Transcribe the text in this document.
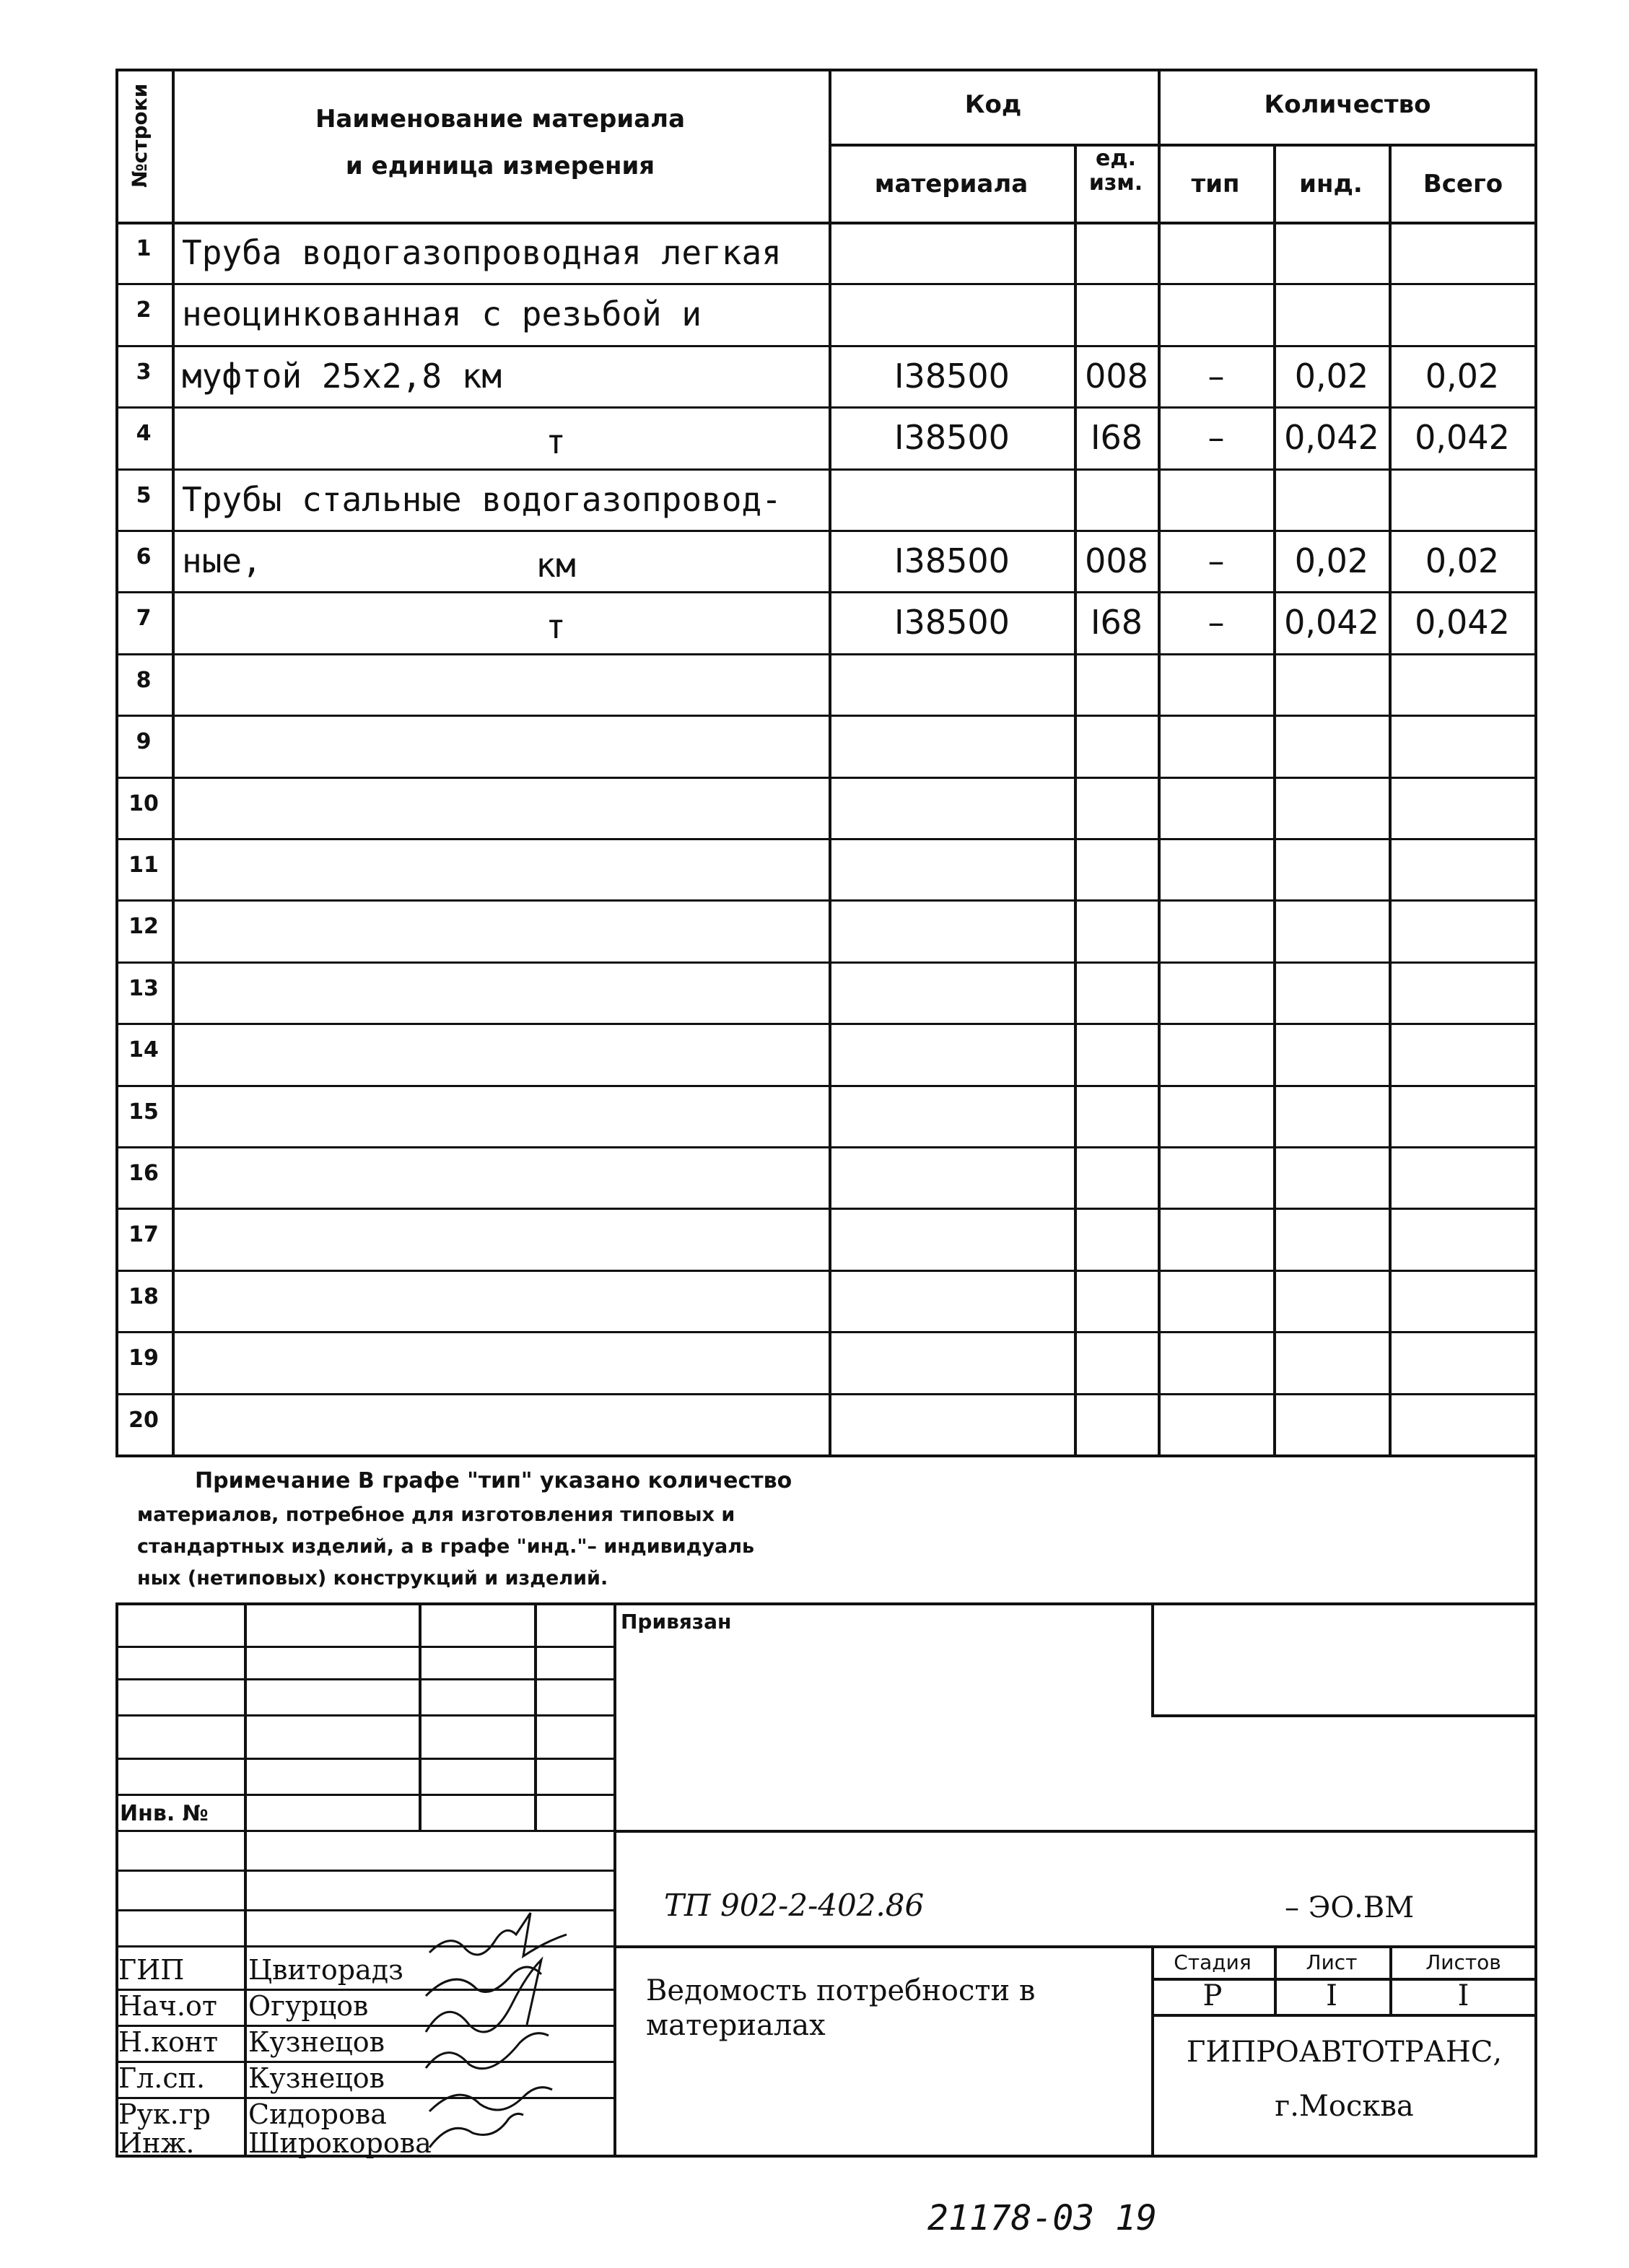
№строки	Наименование материала
и единица измерения
Код	Количество
материала
ед. изм.	тип	инд.	Всего
1 Труба водогазопроводная легкая
2 неоцинкованная с резьбой и
3 муфтой 25х2,8 км	I38500	008	–	0,02	0,02
4	т	I38500	I68	–	0,042	0,042
5 Трубы стальные водогазопровод-
6 ные,	км	I38500	008	–	0,02	0,02
7	т	I38500	I68	–	0,042	0,042
8
9
10
11
12
13
14
15
16
17
18
19
20
Примечание В графе "тип" указано количество
материалов, потребное для изготовления типовых и
стандартных изделий, а в графе "инд."– индивидуаль
ных (нетиповых) конструкций и изделий.
Привязан
Инв. №
ТП 902-2-402.86	– ЭО.ВМ
Ведомость потребности в
материалах
Стадия	Лист	Листов
Р	I	I
ГИПРОАВТОТРАНС,
г.Москва
ГИП Цвиторадз
Нач.от Огурцов
Н.конт Кузнецов
Гл.сп. Кузнецов
Рук.гр Сидорова
Инж. Широкорова
21178-03 19
